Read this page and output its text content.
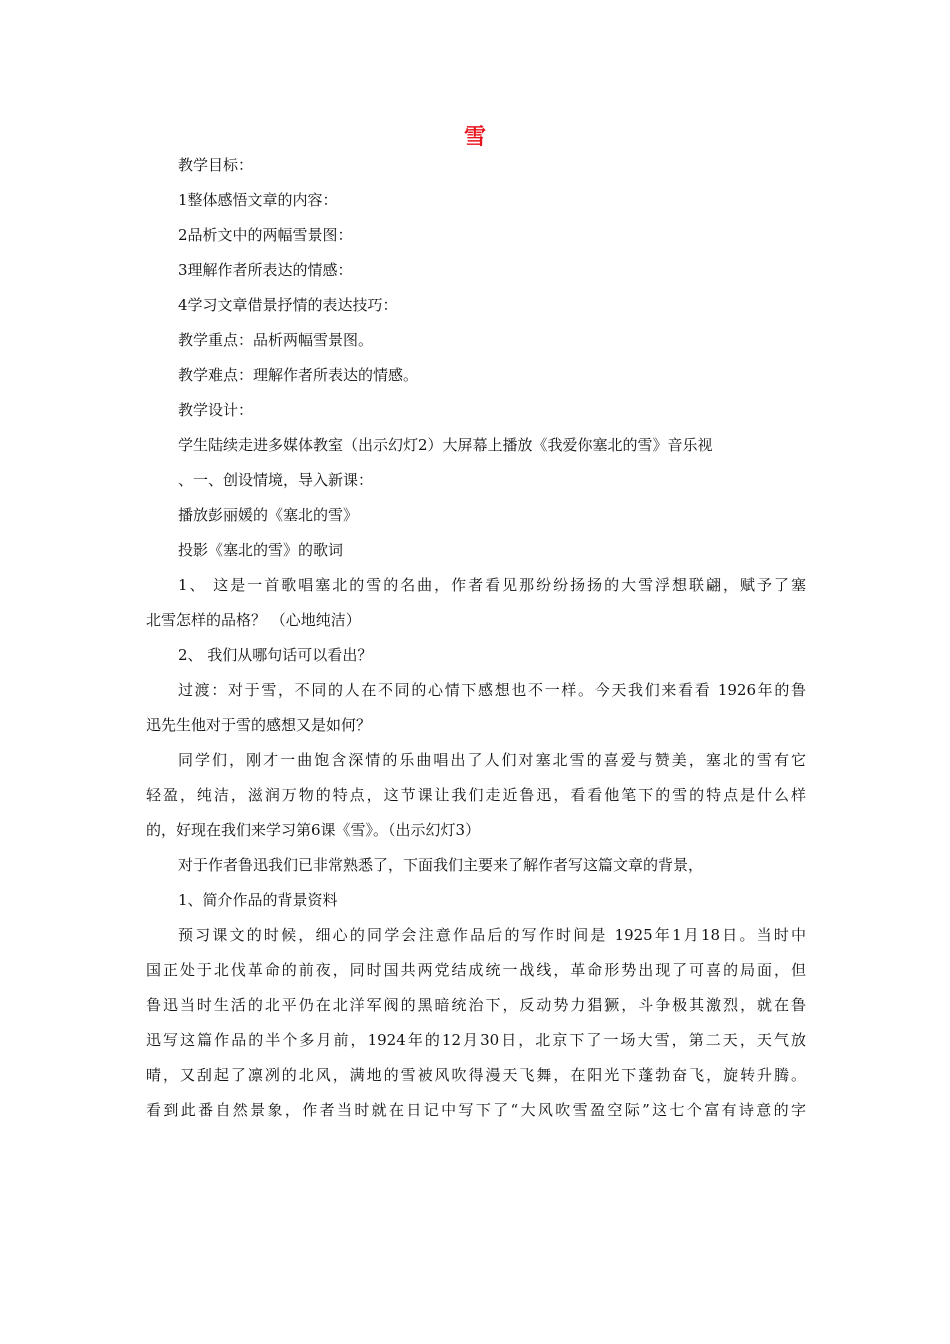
雪
教学目标：
1整体感悟文章的内容：
2品析文中的两幅雪景图：
3理解作者所表达的情感：
4学习文章借景抒情的表达技巧：
教学重点：品析两幅雪景图。
教学难点：理解作者所表达的情感。
教学设计：
学生陆续走进多媒体教室（出示幻灯2）大屏幕上播放《我爱你塞北的雪》音乐视
、一、创设情境，导入新课：
播放彭丽媛的《塞北的雪》
投影《塞北的雪》的歌词
1、 这是一首歌唱塞北的雪的名曲，作者看见那纷纷扬扬的大雪浮想联翩，赋予了塞
北雪怎样的品格？ （心地纯洁）
2、 我们从哪句话可以看出？
过渡：对于雪，不同的人在不同的心情下感想也不一样。今天我们来看看 1926年的鲁
迅先生他对于雪的感想又是如何？
同学们，刚才一曲饱含深情的乐曲唱出了人们对塞北雪的喜爱与赞美，塞北的雪有它
轻盈，纯洁，滋润万物的特点，这节课让我们走近鲁迅，看看他笔下的雪的特点是什么样
的，好现在我们来学习第6课《雪》。（出示幻灯3）
对于作者鲁迅我们已非常熟悉了，下面我们主要来了解作者写这篇文章的背景，
1、简介作品的背景资料
预习课文的时候，细心的同学会注意作品后的写作时间是 1925年1月18日。当时中
国正处于北伐革命的前夜，同时国共两党结成统一战线，革命形势出现了可喜的局面，但
鲁迅当时生活的北平仍在北洋军阀的黑暗统治下，反动势力猖獗，斗争极其激烈，就在鲁
迅写这篇作品的半个多月前，1924年的12月30日，北京下了一场大雪，第二天，天气放
晴，又刮起了凛冽的北风，满地的雪被风吹得漫天飞舞，在阳光下蓬勃奋飞，旋转升腾。
看到此番自然景象，作者当时就在日记中写下了“大风吹雪盈空际”这七个富有诗意的字
